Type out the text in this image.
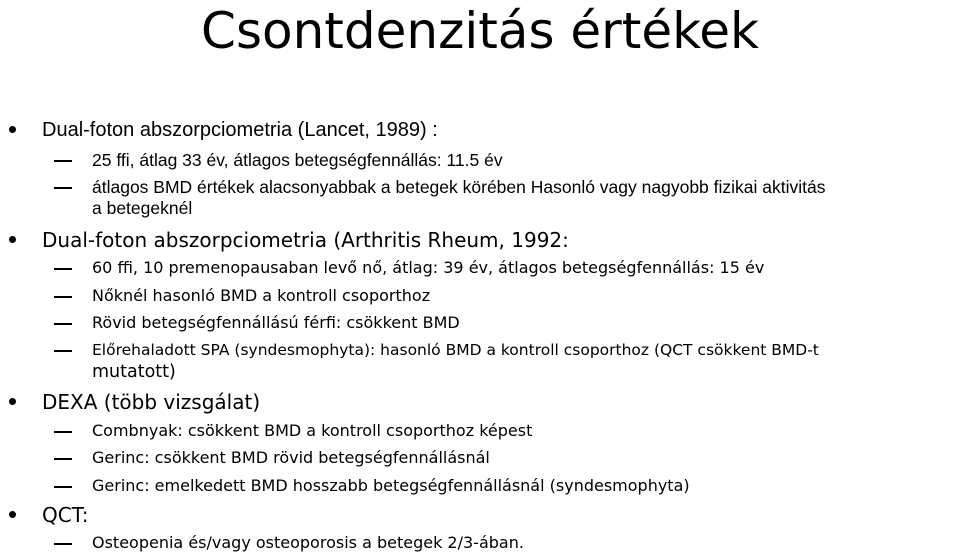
Csontdenzitás értékek
Dual-foton abszorpciometria (Lancet, 1989) :
25 ffi, átlag 33 év, átlagos betegségfennállás: 11.5 év
átlagos BMD értékek alacsonyabbak a betegek körében Hasonló vagy nagyobb fizikai aktivitás
a betegeknél
Dual-foton abszorpciometria (Arthritis Rheum, 1992:
60 ffi, 10 premenopausaban levő nő, átlag: 39 év, átlagos betegségfennállás: 15 év
Nőknél hasonló BMD a kontroll csoporthoz
Rövid betegségfennállású férfi: csökkent BMD
Előrehaladott SPA (syndesmophyta): hasonló BMD a kontroll csoporthoz (QCT csökkent BMD-t
mutatott)
DEXA (több vizsgálat)
Combnyak: csökkent BMD a kontroll csoporthoz képest
Gerinc: csökkent BMD rövid betegségfennállásnál
Gerinc: emelkedett BMD hosszabb betegségfennállásnál (syndesmophyta)
QCT:
Osteopenia és/vagy osteoporosis a betegek 2/3-ában.
